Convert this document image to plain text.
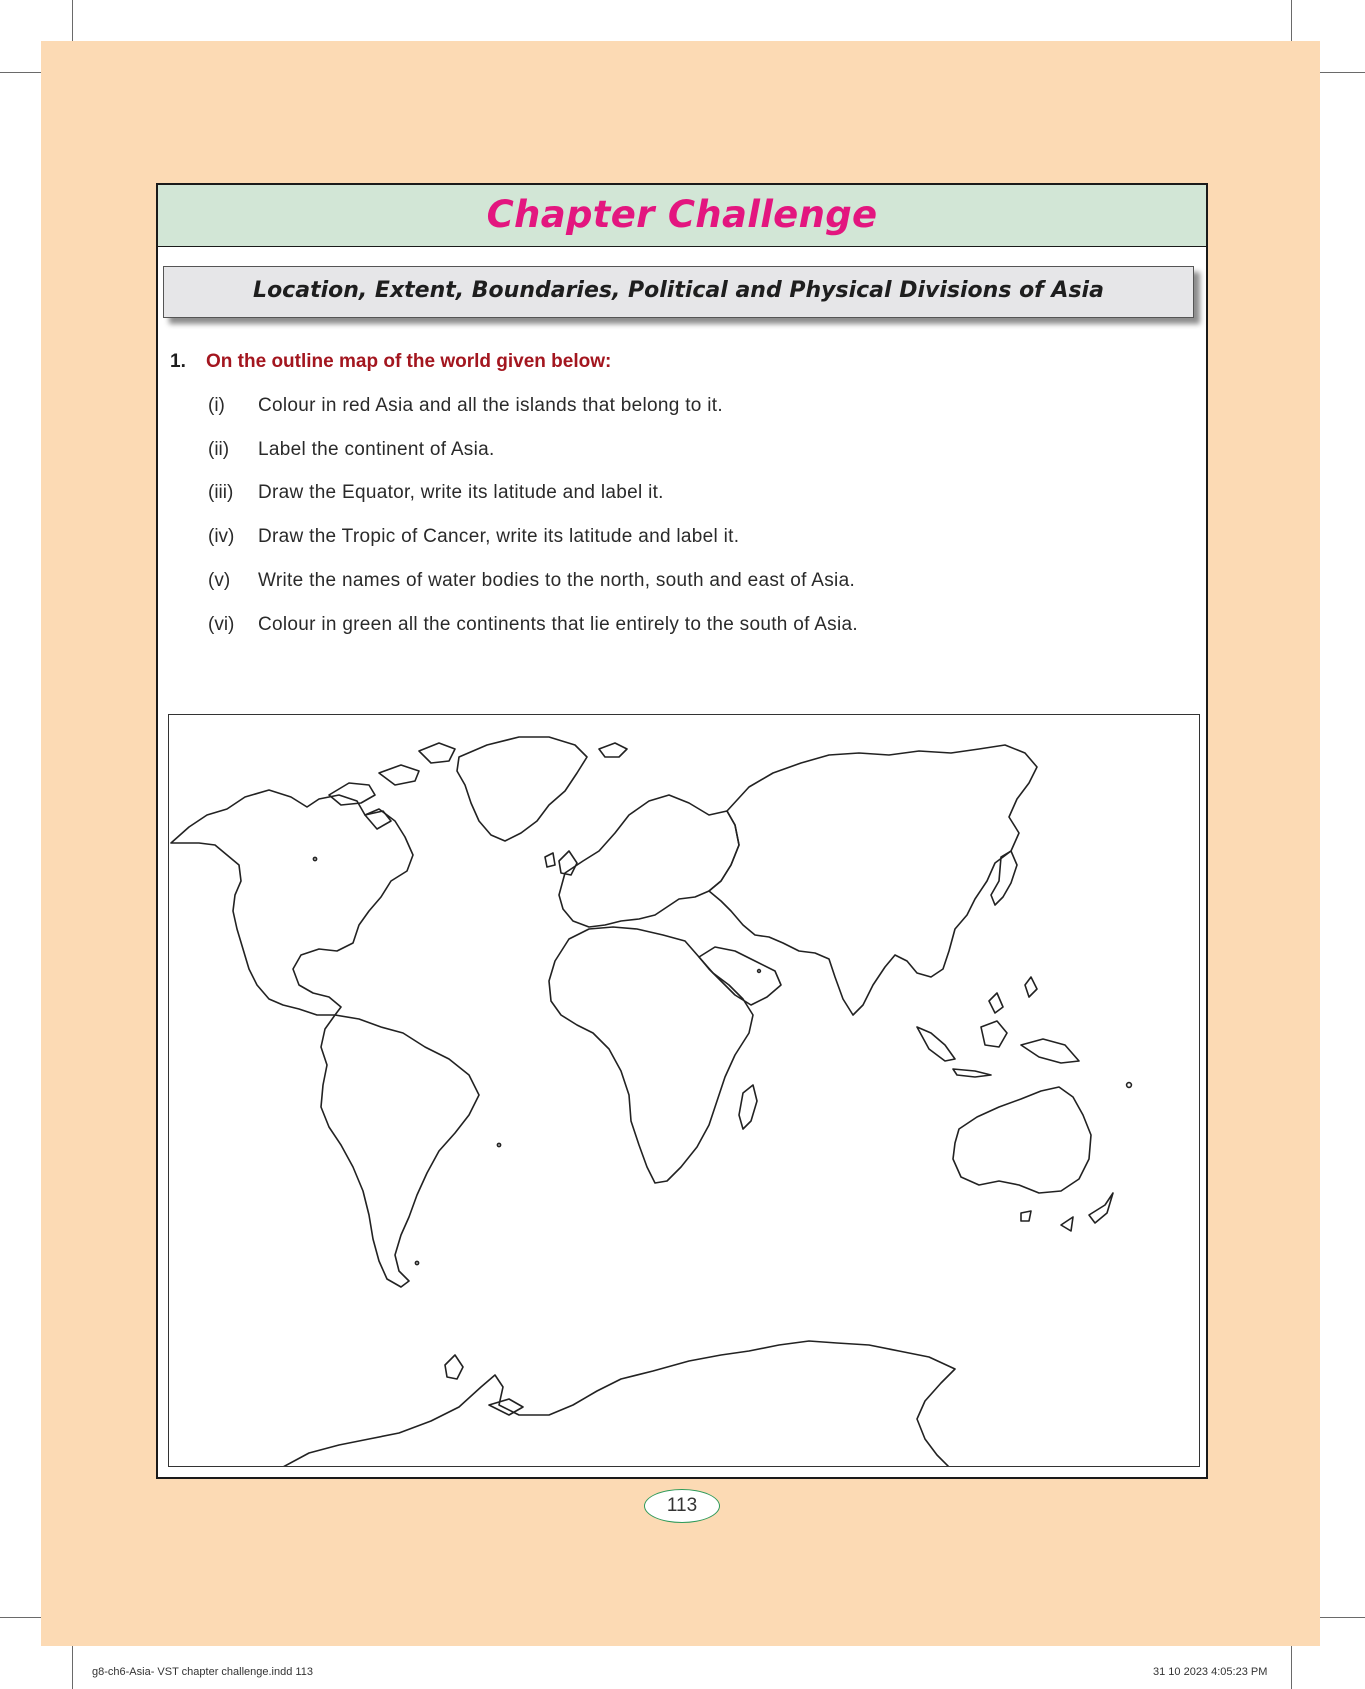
Chapter Challenge
Location, Extent, Boundaries, Political and Physical Divisions of Asia
1. On the outline map of the world given below:
(i) Colour in red Asia and all the islands that belong to it.
(ii) Label the continent of Asia.
(iii) Draw the Equator, write its latitude and label it.
(iv) Draw the Tropic of Cancer, write its latitude and label it.
(v) Write the names of water bodies to the north, south and east of Asia.
(vi) Colour in green all the continents that lie entirely to the south of Asia.
113
g8-ch6-Asia- VST chapter challenge.indd 113	31 10 2023 4:05:23 PM
